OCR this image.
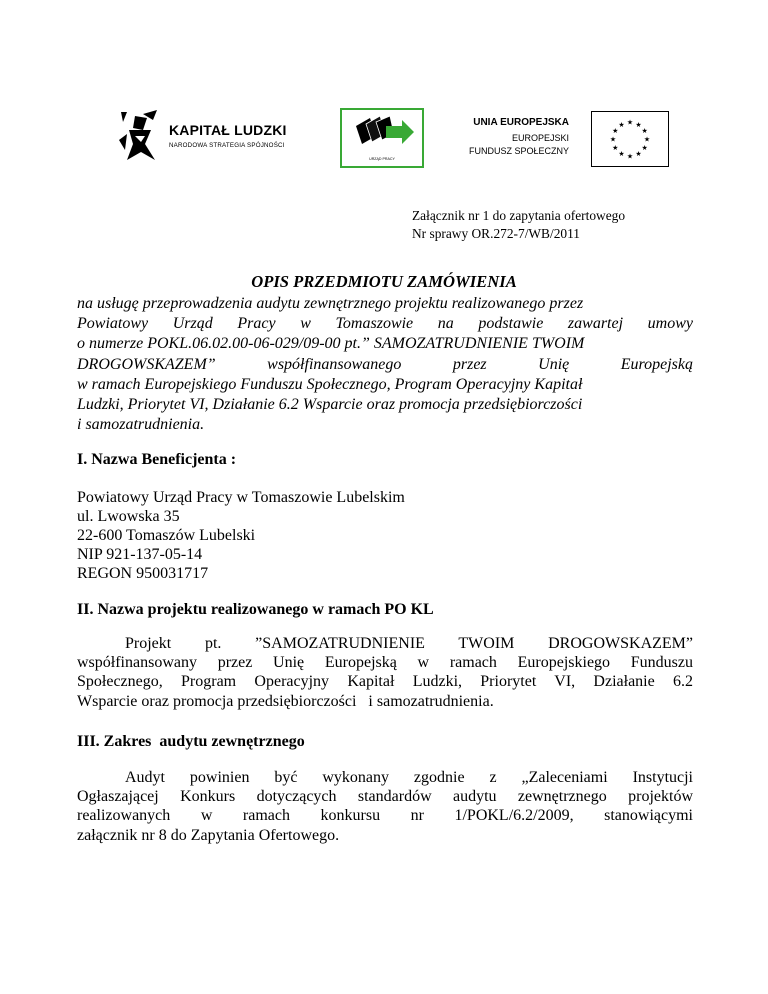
KAPITAŁ LUDZKI
NARODOWA STRATEGIA SPÓJNOŚCI
URZĄD PRACY
UNIA EUROPEJSKA
EUROPEJSKI
FUNDUSZ SPOŁECZNY
★ ★
★
★
★
★
★
★
★
★
★
★
Załącznik nr 1 do zapytania ofertowego
Nr sprawy OR.272-7/WB/2011
OPIS PRZEDMIOTU ZAMÓWIENIA
na usługę przeprowadzenia audytu zewnętrznego projektu realizowanego przez
Powiatowy Urząd Pracy w Tomaszowie na podstawie zawartej umowy
o numerze POKL.06.02.00-06-029/09-00 pt.” SAMOZATRUDNIENIE TWOIM
DROGOWSKAZEM” współfinansowanego przez Unię Europejską
w ramach Europejskiego Funduszu Społecznego, Program Operacyjny Kapitał
Ludzki, Priorytet VI, Działanie 6.2 Wsparcie oraz promocja przedsiębiorczości
i samozatrudnienia.
I. Nazwa Beneficjenta :
Powiatowy Urząd Pracy w Tomaszowie Lubelskim
ul. Lwowska 35
22-600 Tomaszów Lubelski
NIP 921-137-05-14
REGON 950031717
II. Nazwa projektu realizowanego w ramach PO KL
Projekt pt. ”SAMOZATRUDNIENIE TWOIM DROGOWSKAZEM”
współfinansowany przez Unię Europejską w ramach Europejskiego Funduszu
Społecznego, Program Operacyjny Kapitał Ludzki, Priorytet VI, Działanie 6.2
Wsparcie oraz promocja przedsiębiorczości   i samozatrudnienia.
III. Zakres  audytu zewnętrznego
Audyt powinien być wykonany zgodnie z „Zaleceniami Instytucji
Ogłaszającej Konkurs dotyczących standardów audytu zewnętrznego projektów
realizowanych w ramach konkursu nr 1/POKL/6.2/2009, stanowiącymi
załącznik nr 8 do Zapytania Ofertowego.
